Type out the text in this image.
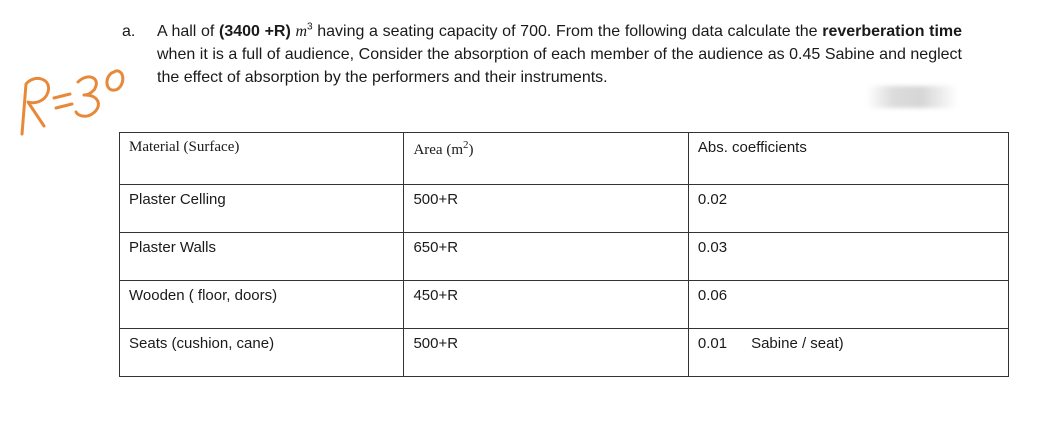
a. A hall of (3400 +R) $m^3$ having a seating capacity of 700. From the following data calculate the reverberation time when it is a full of audience, Consider the absorption of each member of the audience as 0.45 Sabine and neglect the effect of absorption by the performers and their instruments.
Material (Surface)	Area $(m^2)$	Abs. coefficients
Plaster Celling	500+R	0.02
Plaster Walls	650+R	0.03
Wooden ( floor, doors)	450+R	0.06
Seats (cushion, cane)	500+R	0.01 Sabine / seat)
